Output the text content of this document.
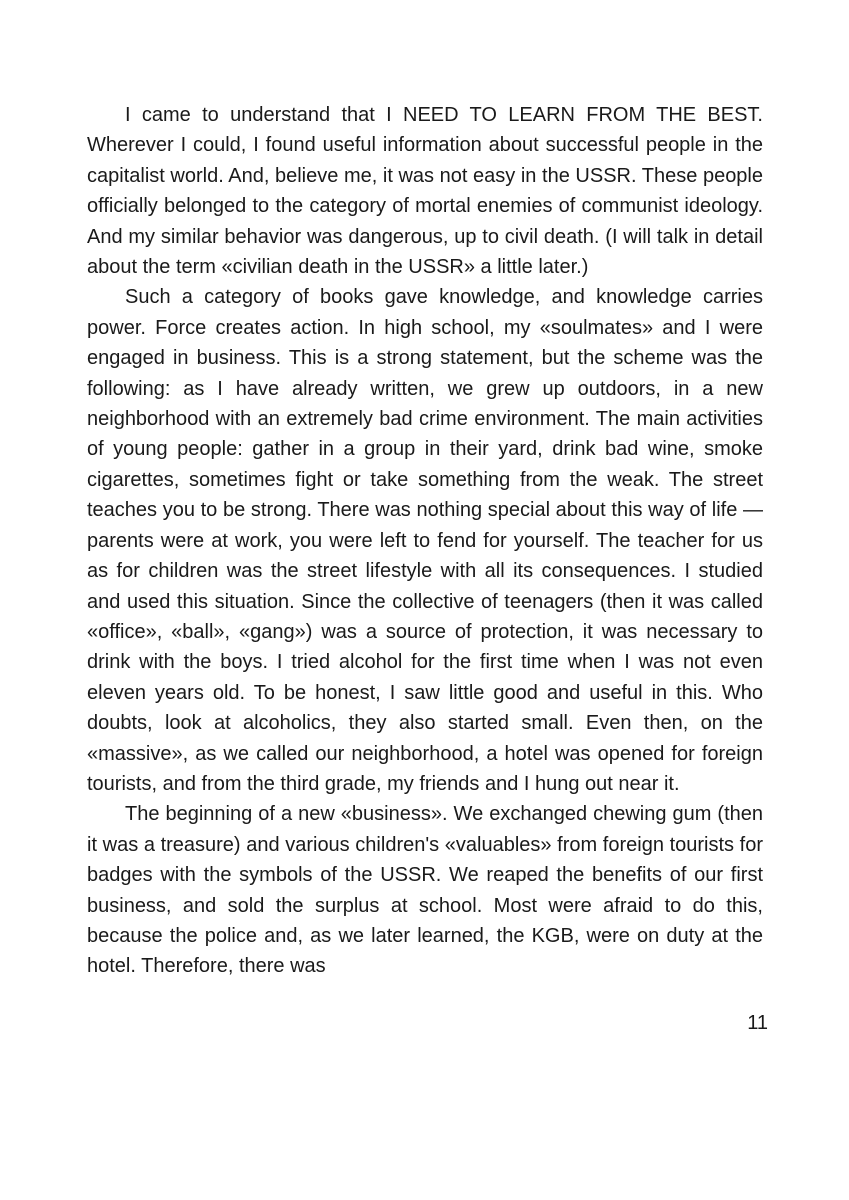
I came to understand that I NEED TO LEARN FROM THE BEST. Wherever I could, I found useful information about successful people in the capitalist world. And, believe me, it was not easy in the USSR. These people officially belonged to the category of mortal enemies of communist ideology. And my similar behavior was dangerous, up to civil death. (I will talk in detail about the term «civilian death in the USSR» a little later.)

Such a category of books gave knowledge, and knowledge carries power. Force creates action. In high school, my «soulmates» and I were engaged in business. This is a strong statement, but the scheme was the following: as I have already written, we grew up outdoors, in a new neighborhood with an extremely bad crime environment. The main activities of young people: gather in a group in their yard, drink bad wine, smoke cigarettes, sometimes fight or take something from the weak. The street teaches you to be strong. There was nothing special about this way of life — parents were at work, you were left to fend for yourself. The teacher for us as for children was the street lifestyle with all its consequences. I studied and used this situation. Since the collective of teenagers (then it was called «office», «ball», «gang») was a source of protection, it was necessary to drink with the boys. I tried alcohol for the first time when I was not even eleven years old. To be honest, I saw little good and useful in this. Who doubts, look at alcoholics, they also started small. Even then, on the «massive», as we called our neighborhood, a hotel was opened for foreign tourists, and from the third grade, my friends and I hung out near it.

The beginning of a new «business». We exchanged chewing gum (then it was a treasure) and various children's «valuables» from foreign tourists for badges with the symbols of the USSR. We reaped the benefits of our first business, and sold the surplus at school. Most were afraid to do this, because the police and, as we later learned, the KGB, were on duty at the hotel. Therefore, there was

11
